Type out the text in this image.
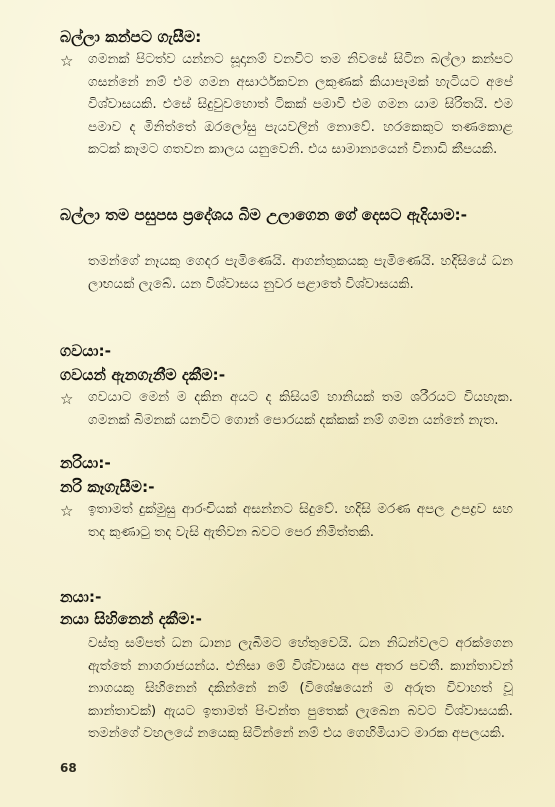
බල්ලා කන්පට ගැසීම:
☆	ගමනක් පිටත්ව යන්නට සූදානම් වනවිට තම නිවසේ සිටින බල්ලා කන්පට ගසන්නේ නම් එම ගමන අසාර්ථකවන ලකුණක් කියාපෑමක් හැටියට අපේ විශ්වාසයකි. එසේ සිදුවුවහොත් ටිකක් පමාවී එම ගමන යාම සිරිතයි. එම පමාව ද මිනිත්තේ ඔරලෝසු පැයවලින් නොවේ. හරකෙකුට තණකොළ කටක් කෑමට ගතවන කාලය යනුවෙනි. එය සාමාන්‍යයෙන් විනාඩි කීපයකි.

බල්ලා තම පසුපස ප්‍රදේශය බිම උලාගෙන ගේ දෙසට ඇදියාම:-

තමන්ගේ නෑයකු ගෙදර පැමිණෙයි. ආගන්තුකයකු පැමිණෙයි. හදිසියේ ධන ලාභයක් ලැබේ. යන විශ්වාසය නුවර පළාතේ විශ්වාසයකි.

ගවයා:-
ගවයන් ඇනගැනීම දකීම:-
☆	ගවයාට මෙන් ම දකින අයට ද කිසියම් හානියක් තම ශරීරයට වියහැක. ගමනක් බිමනක් යනවිට ගොන් පොරයක් දක්කක් නම් ගමන යන්නේ නැත.

නරියා:-
නරි කෑගැසීම:-
☆	ඉතාමත් දුක්මුසු ආරංචියක් අසන්නට සිදුවේ. හදිසි මරණ අපල උපද්‍රව සහ තද කුණාටු තද වැසි ඇතිවන බවට පෙර නිමිත්තකි.

නයා:-
නයා සිහිනෙන් දකීම:-

වස්තු සම්පත් ධන ධාන්‍ය ලැබීමට හේතුවෙයි. ධන නිධන්වලට අරක්ගෙන ඇත්තේ නාගරාජයන්ය. එනිසා මේ විශ්වාසය අප අතර පවතී. කාන්තාවන් නාගයකු සිහිනෙන් දකින්නේ නම් (විශේෂයෙන් ම අරුත විවාහත් වූ කාන්තාවක්) ඇයට ඉතාමත් පිංවන්ත පුතෙක් ලැබෙන බවට විශ්වාසයකි. තමන්ගේ වහලයේ නයෙකු සිටින්නේ නම් එය ගෙහිමියාට මාරක අපලයකි.

68
